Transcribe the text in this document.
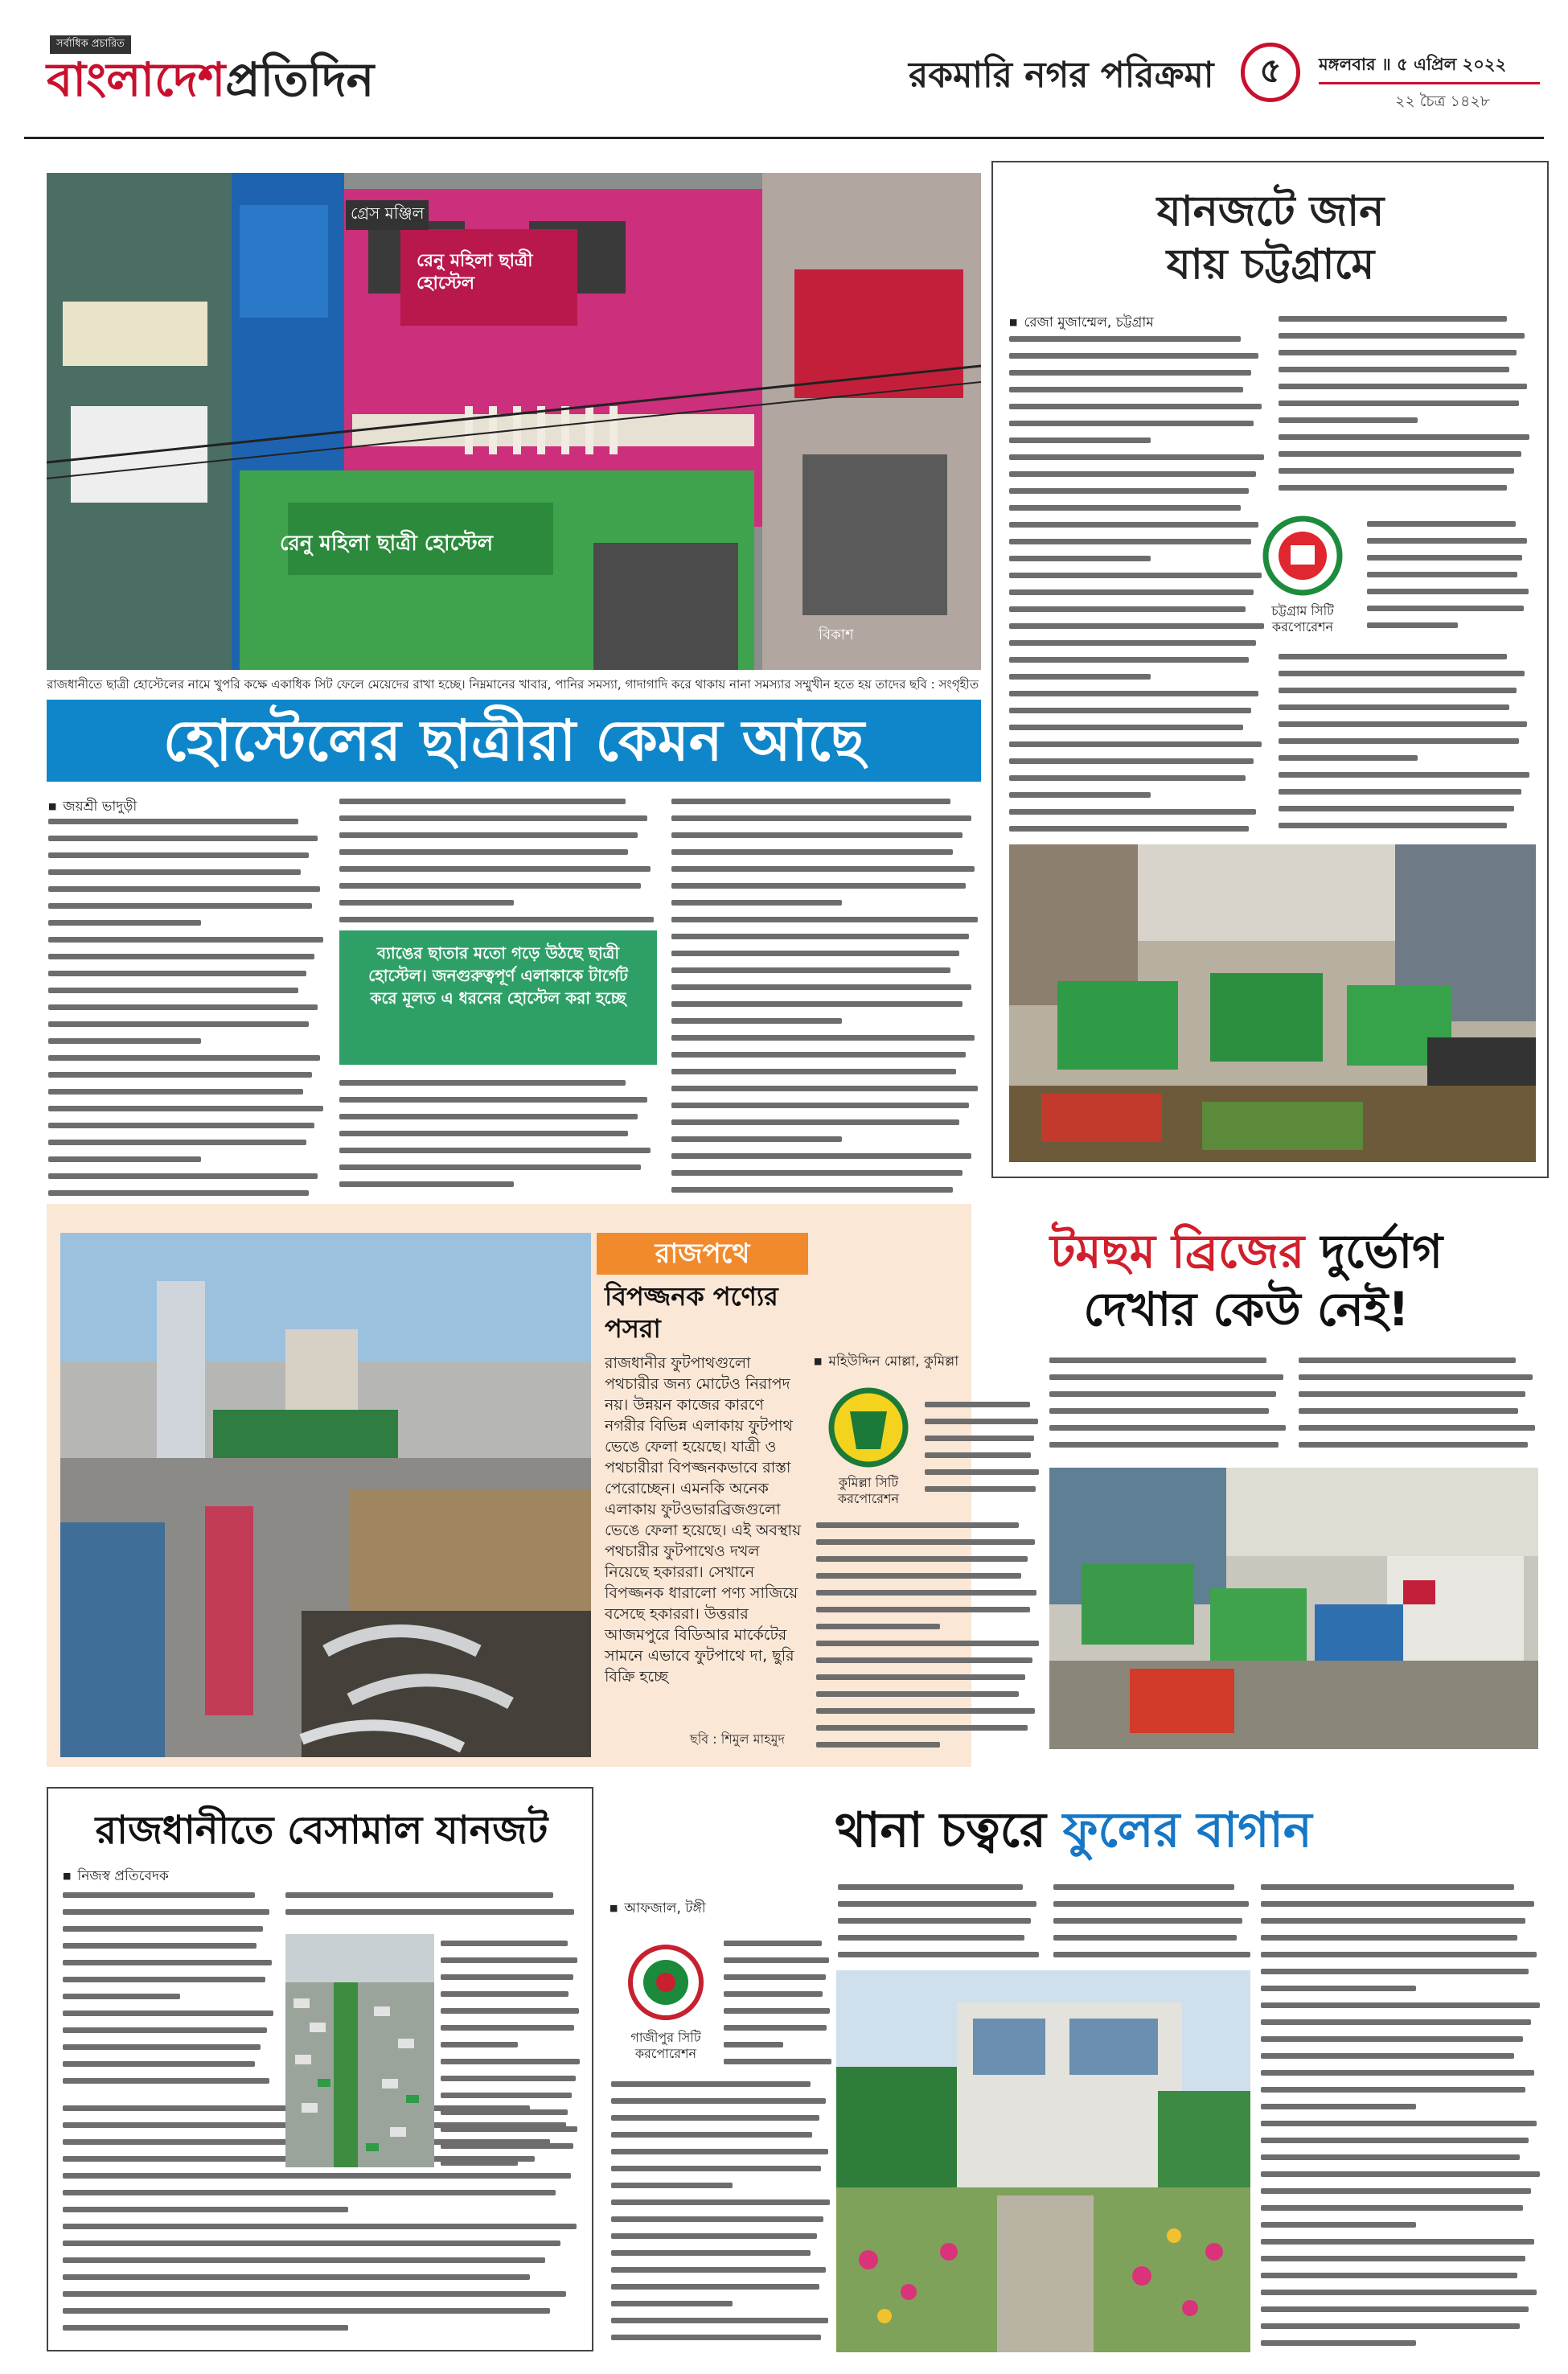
সর্বাধিক প্রচারিত
বাংলাদেশপ্রতিদিন	রকমারি নগর পরিক্রমা ৫ মঙ্গলবার ॥ ৫ এপ্রিল ২০২২
২২ চৈত্র ১৪২৮
গ্রেস মঞ্জিল
রেনু মহিলা ছাত্রী হোস্টেল
রেনু মহিলা ছাত্রী হোস্টেল
বিকাশ
রাজধানীতে ছাত্রী হোস্টেলের নামে খুপরি কক্ষে একাধিক সিট ফেলে মেয়েদের রাখা হচ্ছে। নিম্নমানের খাবার, পানির সমস্যা, গাদাগাদি করে থাকায় নানা সমস্যার সম্মুখীন হতে হয় তাদের ছবি : সংগৃহীত
হোস্টেলের ছাত্রীরা কেমন আছে
■ জয়শ্রী ভাদুড়ী
ব্যাঙের ছাতার মতো গড়ে উঠছে ছাত্রী হোস্টেল। জনগুরুত্বপূর্ণ এলাকাকে টার্গেট করে মূলত এ ধরনের হোস্টেল করা হচ্ছে
যানজটে জান
যায় চট্টগ্রামে
■ রেজা মুজাম্মেল, চট্টগ্রাম
চট্টগ্রাম সিটি করপোরেশন
রাজপথে
বিপজ্জনক পণ্যের পসরা
রাজধানীর ফুটপাথগুলো পথচারীর জন্য মোটেও নিরাপদ নয়। উন্নয়ন কাজের কারণে নগরীর বিভিন্ন এলাকায় ফুটপাথ ভেঙে ফেলা হয়েছে। যাত্রী ও পথচারীরা বিপজ্জনকভাবে রাস্তা পেরোচ্ছেন। এমনকি অনেক এলাকায় ফুটওভারব্রিজগুলো ভেঙে ফেলা হয়েছে। এই অবস্থায় পথচারীর ফুটপাথেও দখল নিয়েছে হকাররা। সেখানে বিপজ্জনক ধারালো পণ্য সাজিয়ে বসেছে হকাররা। উত্তরার আজমপুরে বিডিআর মার্কেটের সামনে এভাবে ফুটপাথে দা, ছুরি বিক্রি হচ্ছে
ছবি : শিমুল মাহমুদ
টমছম ব্রিজের দুর্ভোগ
দেখার কেউ নেই!
■ মহিউদ্দিন মোল্লা, কুমিল্লা
কুমিল্লা সিটি করপোরেশন
রাজধানীতে বেসামাল যানজট
■ নিজস্ব প্রতিবেদক
থানা চত্বরে ফুলের বাগান
■ আফজাল, টঙ্গী
গাজীপুর সিটি করপোরেশন
